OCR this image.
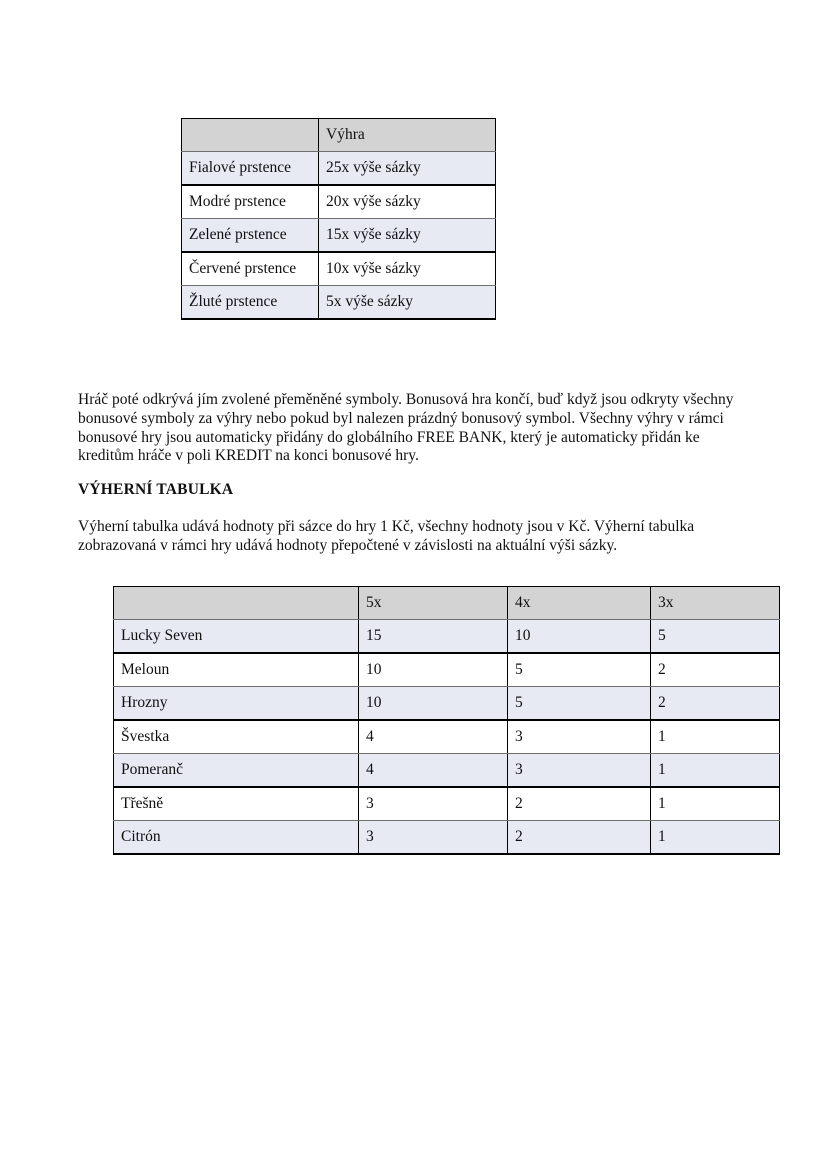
	Výhra
Fialové prstence	25x výše sázky
Modré prstence	20x výše sázky
Zelené prstence	15x výše sázky
Červené prstence	10x výše sázky
Žluté prstence	5x výše sázky

Hráč poté odkrývá jím zvolené přeměněné symboly. Bonusová hra končí, buď když jsou odkryty všechny bonusové symboly za výhry nebo pokud byl nalezen prázdný bonusový symbol. Všechny výhry v rámci bonusové hry jsou automaticky přidány do globálního FREE BANK, který je automaticky přidán ke kreditům hráče v poli KREDIT na konci bonusové hry.

VÝHERNÍ TABULKA

Výherní tabulka udává hodnoty při sázce do hry 1 Kč, všechny hodnoty jsou v Kč. Výherní tabulka zobrazovaná v rámci hry udává hodnoty přepočtené v závislosti na aktuální výši sázky.

	5x	4x	3x
Lucky Seven	15	10	5
Meloun	10	5	2
Hrozny	10	5	2
Švestka	4	3	1
Pomeranč	4	3	1
Třešně	3	2	1
Citrón	3	2	1
